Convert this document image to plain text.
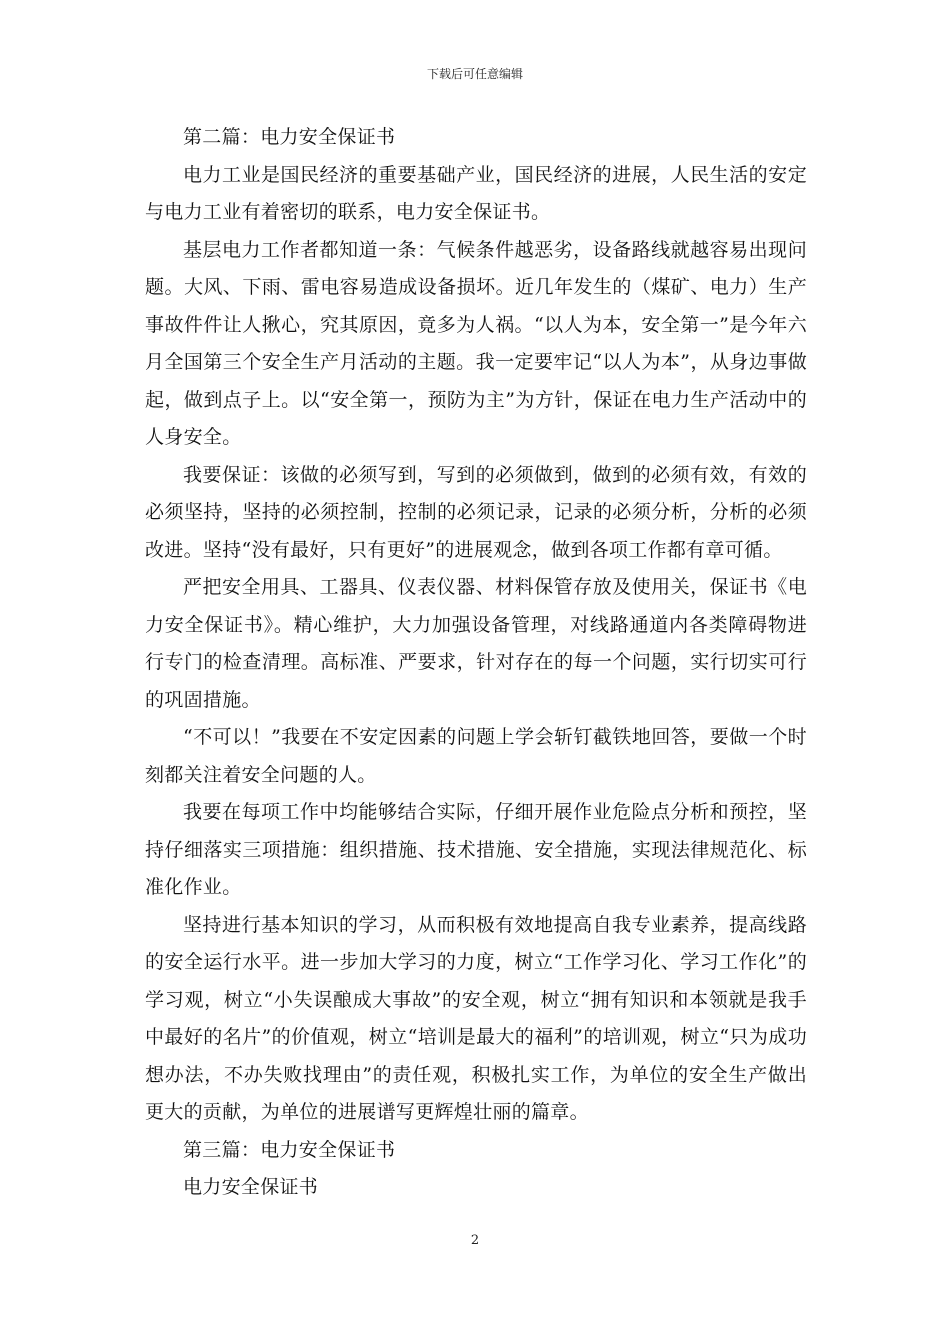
下载后可任意编辑

第二篇：电力安全保证书

电力工业是国民经济的重要基础产业，国民经济的进展，人民生活的安定与电力工业有着密切的联系，电力安全保证书。

基层电力工作者都知道一条：气候条件越恶劣，设备路线就越容易出现问题。大风、下雨、雷电容易造成设备损坏。近几年发生的（煤矿、电力）生产事故件件让人揪心，究其原因，竟多为人祸。“以人为本，安全第一”是今年六月全国第三个安全生产月活动的主题。我一定要牢记“以人为本”，从身边事做起，做到点子上。以“安全第一，预防为主”为方针，保证在电力生产活动中的人身安全。

我要保证：该做的必须写到，写到的必须做到，做到的必须有效，有效的必须坚持，坚持的必须控制，控制的必须记录，记录的必须分析，分析的必须改进。坚持“没有最好，只有更好”的进展观念，做到各项工作都有章可循。

严把安全用具、工器具、仪表仪器、材料保管存放及使用关，保证书《电力安全保证书》。精心维护，大力加强设备管理，对线路通道内各类障碍物进行专门的检查清理。高标准、严要求，针对存在的每一个问题，实行切实可行的巩固措施。

“不可以！”我要在不安定因素的问题上学会斩钉截铁地回答，要做一个时刻都关注着安全问题的人。

我要在每项工作中均能够结合实际，仔细开展作业危险点分析和预控，坚持仔细落实三项措施：组织措施、技术措施、安全措施，实现法律规范化、标准化作业。

坚持进行基本知识的学习，从而积极有效地提高自我专业素养，提高线路的安全运行水平。进一步加大学习的力度，树立“工作学习化、学习工作化”的学习观，树立“小失误酿成大事故”的安全观，树立“拥有知识和本领就是我手中最好的名片”的价值观，树立“培训是最大的福利”的培训观，树立“只为成功想办法，不办失败找理由”的责任观，积极扎实工作，为单位的安全生产做出更大的贡献，为单位的进展谱写更辉煌壮丽的篇章。

第三篇：电力安全保证书

电力安全保证书

2
